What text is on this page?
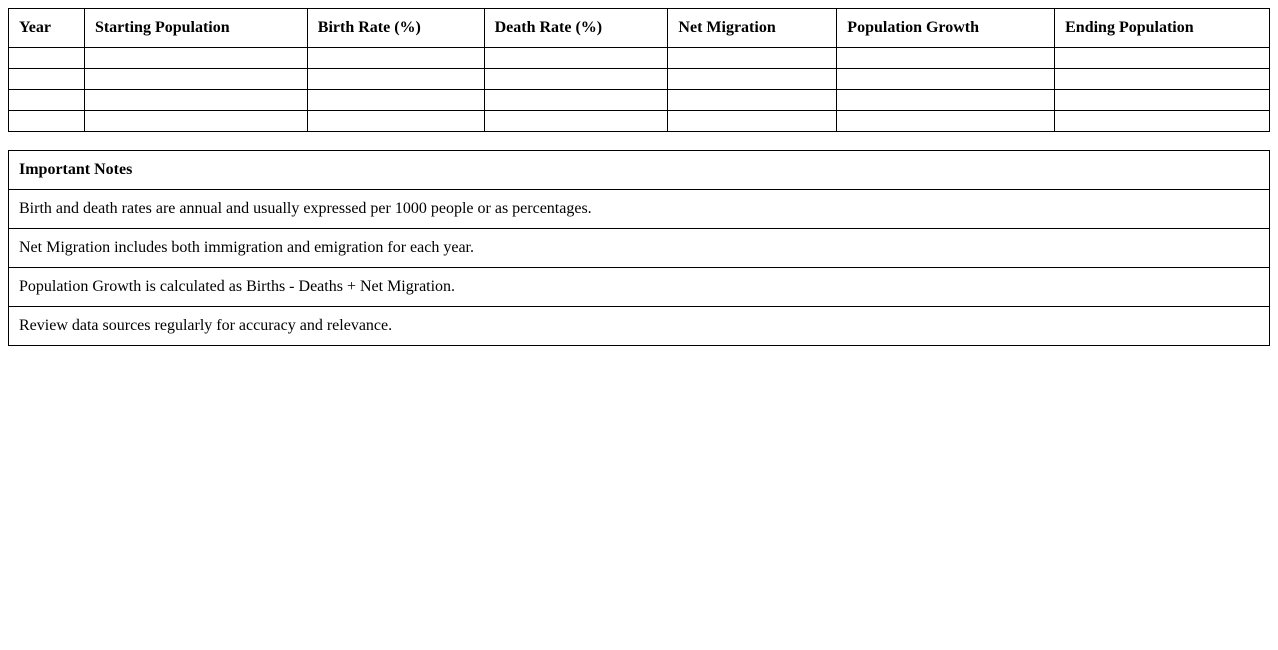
Year	Starting Population	Birth Rate (%)	Death Rate (%)	Net Migration	Population Growth	Ending Population

Important Notes
Birth and death rates are annual and usually expressed per 1000 people or as percentages.
Net Migration includes both immigration and emigration for each year.
Population Growth is calculated as Births - Deaths + Net Migration.
Review data sources regularly for accuracy and relevance.
